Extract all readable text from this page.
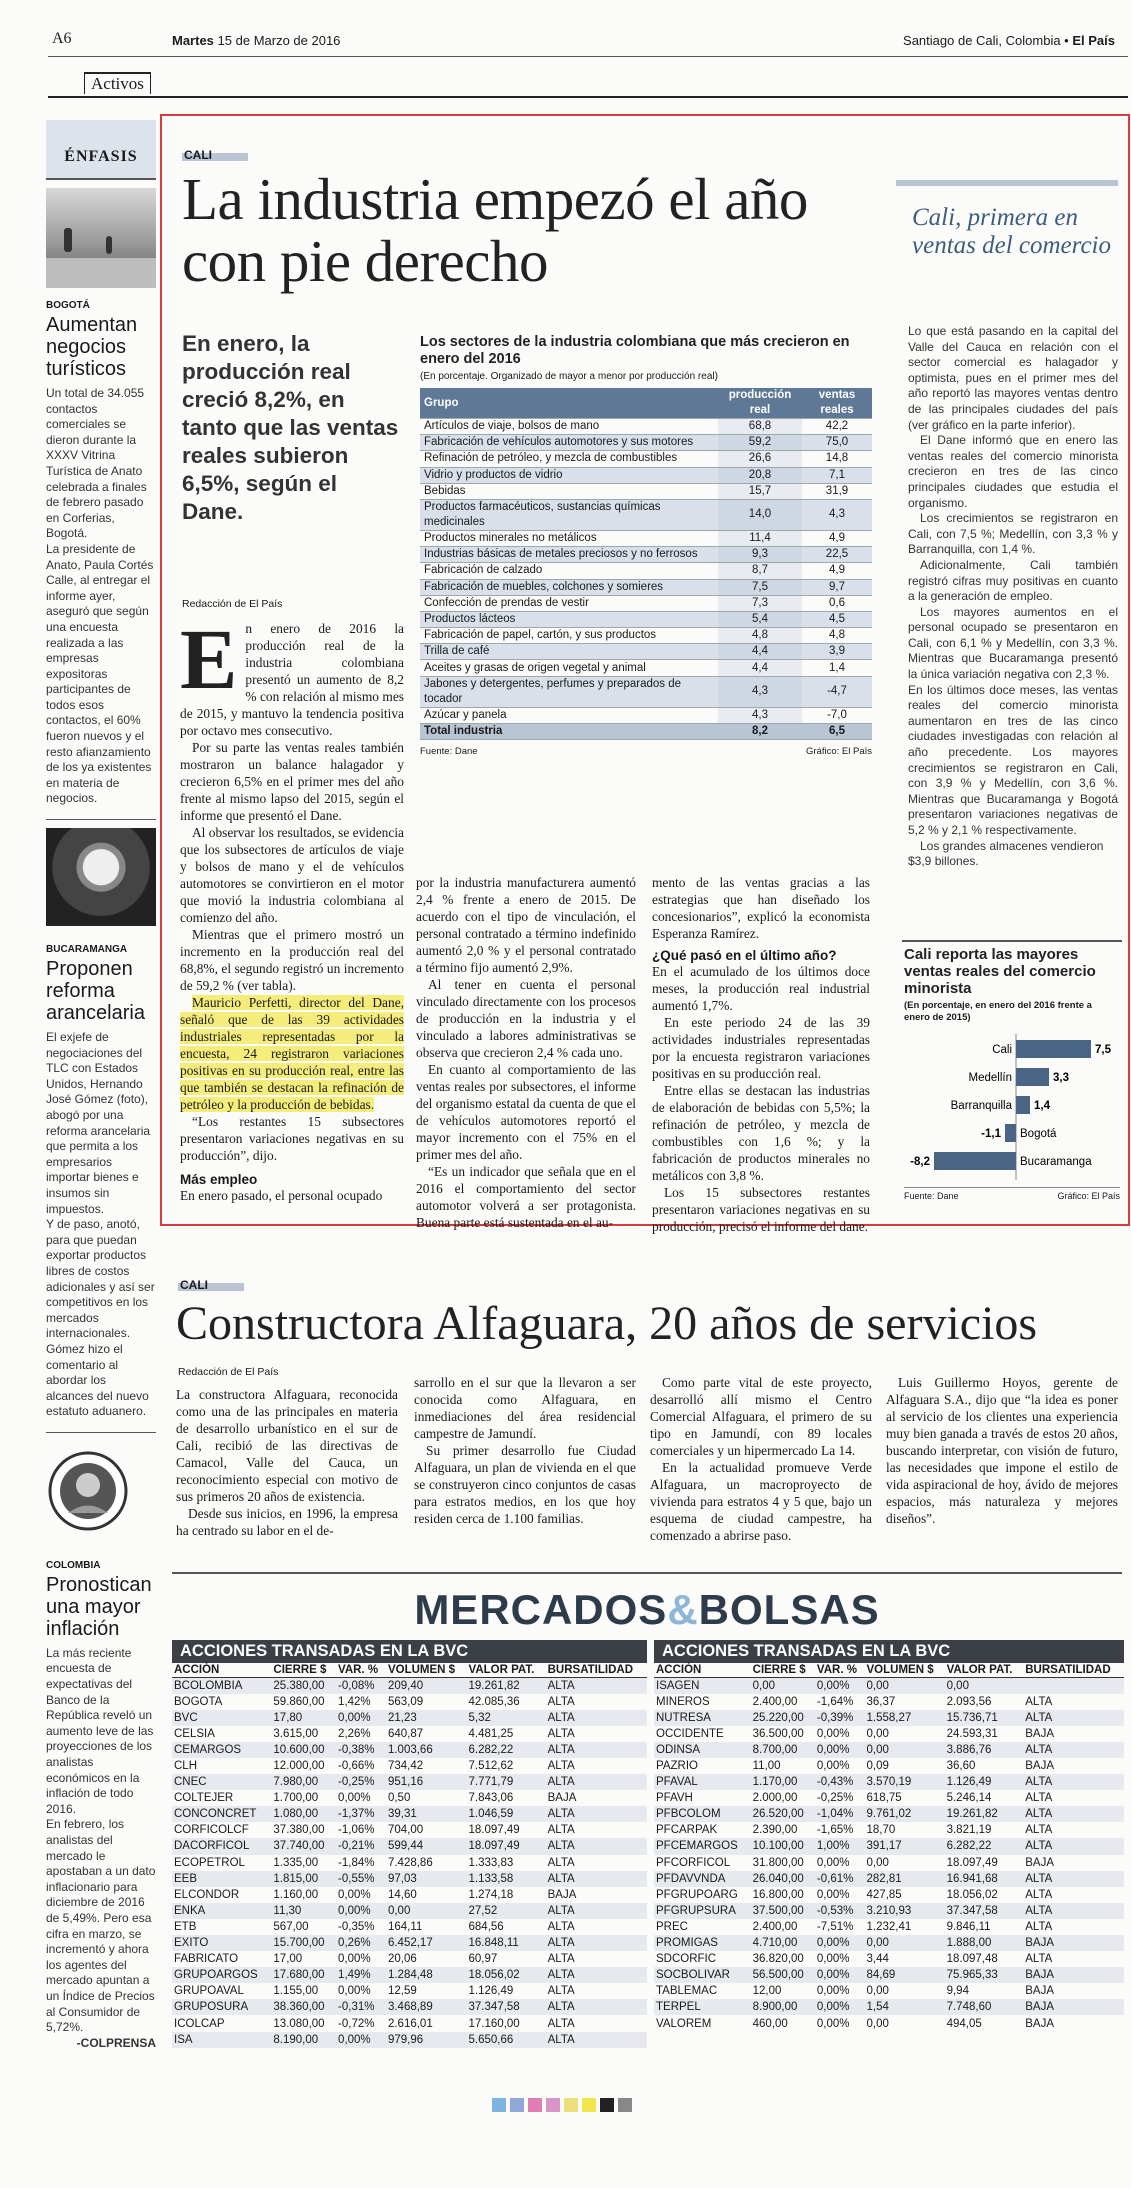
A6	Martes 15 de Marzo de 2016	Santiago de Cali, Colombia • El País
Activos
ÉNFASIS
BOGOTÁ
Aumentan negocios turísticos

Un total de 34.055 contactos comerciales se dieron durante la XXXV Vitrina Turística de Anato celebrada a finales de febrero pasado en Corferias, Bogotá.
La presidente de Anato, Paula Cortés Calle, al entregar el informe ayer, aseguró que según una encuesta realizada a las empresas expositoras participantes de todos esos contactos, el 60% fueron nuevos y el resto afianzamiento de los ya existentes en materia de negocios.

BUCARAMANGA
Proponen reforma arancelaria

El exjefe de negociaciones del TLC con Estados Unidos, Hernando José Gómez (foto), abogó por una reforma arancelaria que permita a los empresarios importar bienes e insumos sin impuestos.
Y de paso, anotó, para que puedan exportar productos libres de costos adicionales y así ser competitivos en los mercados internacionales.
Gómez hizo el comentario al abordar los alcances del nuevo estatuto aduanero.

COLOMBIA
Pronostican una mayor inflación

La más reciente encuesta de expectativas del Banco de la República reveló un aumento leve de las proyecciones de los analistas económicos en la inflación de todo 2016.
En febrero, los analistas del mercado le apostaban a un dato inflacionario para diciembre de 2016 de 5,49%. Pero esa cifra en marzo, se incrementó y ahora los agentes del mercado apuntan a un Índice de Precios al Consumidor de 5,72%.

-COLPRENSA

CALI
La industria empezó el año con pie derecho
En enero, la producción real creció 8,2%, en tanto que las ventas reales subieron 6,5%, según el Dane.
Redacción de El País
E n enero de 2016 la producción real de la industria colombiana presentó un aumento de 8,2 % con relación al mismo mes de 2015, y mantuvo la tendencia positiva por octavo mes consecutivo.

Por su parte las ventas reales también mostraron un balance halagador y crecieron 6,5% en el primer mes del año frente al mismo lapso del 2015, según el informe que presentó el Dane.

Al observar los resultados, se evidencia que los subsectores de artículos de viaje y bolsos de mano y el de vehículos automotores se convirtieron en el motor que movió la industria colombiana al comienzo del año.

Mientras que el primero mostró un incremento en la producción real del 68,8%, el segundo registró un incremento de 59,2 % (ver tabla).

Mauricio Perfetti, director del Dane, señaló que de las 39 actividades industriales representadas por la encuesta, 24 registraron variaciones positivas en su producción real, entre las que también se destacan la refinación de petróleo y la producción de bebidas.

“Los restantes 15 subsectores presentaron variaciones negativas en su producción”, dijo.

Más empleo

En enero pasado, el personal ocupado

por la industria manufacturera aumentó 2,4 % frente a enero de 2015. De acuerdo con el tipo de vinculación, el personal contratado a término indefinido aumentó 2,0 % y el personal contratado a término fijo aumentó 2,9%.

Al tener en cuenta el personal vinculado directamente con los procesos de producción en la industria y el vinculado a labores administrativas se observa que crecieron 2,4 % cada uno.

En cuanto al comportamiento de las ventas reales por subsectores, el informe del organismo estatal da cuenta de que el de vehículos automotores reportó el mayor incremento con el 75% en el primer mes del año.

“Es un indicador que señala que en el 2016 el comportamiento del sector automotor volverá a ser protagonista. Buena parte está sustentada en el au-

mento de las ventas gracias a las estrategias que han diseñado los concesionarios”, explicó la economista Esperanza Ramírez.

¿Qué pasó en el último año?

En el acumulado de los últimos doce meses, la producción real industrial aumentó 1,7%.

En este periodo 24 de las 39 actividades industriales representadas por la encuesta registraron variaciones positivas en su producción real.

Entre ellas se destacan las industrias de elaboración de bebidas con 5,5%; la refinación de petróleo, y mezcla de combustibles con 1,6 %; y la fabricación de productos minerales no metálicos con 3,8 %.

Los 15 subsectores restantes presentaron variaciones negativas en su producción, precisó el informe del dane.

Los sectores de la industria colombiana que más crecieron en enero del 2016
(En porcentaje. Organizado de mayor a menor por producción real)
Grupo	producción real	ventas reales
Artículos de viaje, bolsos de mano	68,8	42,2
Fabricación de vehículos automotores y sus motores	59,2	75,0
Refinación de petróleo, y mezcla de combustibles	26,6	14,8
Vidrio y productos de vidrio	20,8	7,1
Bebidas	15,7	31,9
Productos farmacéuticos, sustancias químicas medicinales	14,0	4,3
Productos minerales no metálicos	11,4	4,9
Industrias básicas de metales preciosos y no ferrosos	9,3	22,5
Fabricación de calzado	8,7	4,9
Fabricación de muebles, colchones y somieres	7,5	9,7
Confección de prendas de vestir	7,3	0,6
Productos lácteos	5,4	4,5
Fabricación de papel, cartón, y sus productos	4,8	4,8
Trilla de café	4,4	3,9
Aceites y grasas de origen vegetal y animal	4,4	1,4
Jabones y detergentes, perfumes y preparados de tocador	4,3	-4,7
Azúcar y panela	4,3	-7,0
Total industria	8,2	6,5
Fuente: Dane	Gráfico: El País
Cali, primera en ventas del comercio

Lo que está pasando en la capital del Valle del Cauca en relación con el sector comercial es halagador y optimista, pues en el primer mes del año reportó las mayores ventas dentro de las principales ciudades del país (ver gráfico en la parte inferior).

El Dane informó que en enero las ventas reales del comercio minorista crecieron en tres de las cinco principales ciudades que estudia el organismo.

Los crecimientos se registraron en Cali, con 7,5 %; Medellín, con 3,3 % y Barranquilla, con 1,4 %.

Adicionalmente, Cali también registró cifras muy positivas en cuanto a la generación de empleo.

Los mayores aumentos en el personal ocupado se presentaron en Cali, con 6,1 % y Medellín, con 3,3 %. Mientras que Bucaramanga presentó la única variación negativa con 2,3 %.

En los últimos doce meses, las ventas reales del comercio minorista aumentaron en tres de las cinco ciudades investigadas con relación al año precedente. Los mayores crecimientos se registraron en Cali, con 3,9 % y Medellín, con 3,6 %. Mientras que Bucaramanga y Bogotá presentaron variaciones negativas de 5,2 % y 2,1 % respectivamente.

Los grandes almacenes vendieron $3,9 billones.

Cali reporta las mayores ventas reales del comercio minorista
(En porcentaje, en enero del 2016 frente a enero de 2015)
Cali	7,5
Medellín	3,3
Barranquilla 1,4
Bogotá
-1,1
Bucaramanga
-8,2
Fuente: Dane	Gráfico: El País
CALI
Constructora Alfaguara, 20 años de servicios
Redacción de El País

La constructora Alfaguara, reconocida como una de las principales en materia de desarrollo urbanístico en el sur de Cali, recibió de las directivas de Camacol, Valle del Cauca, un reconocimiento especial con motivo de sus primeros 20 años de existencia.

Desde sus inicios, en 1996, la empresa ha centrado su labor en el de-

sarrollo en el sur que la llevaron a ser conocida como Alfaguara, en inmediaciones del área residencial campestre de Jamundí.

Su primer desarrollo fue Ciudad Alfaguara, un plan de vivienda en el que se construyeron cinco conjuntos de casas para estratos medios, en los que hoy residen cerca de 1.100 familias.

Como parte vital de este proyecto, desarrolló allí mismo el Centro Comercial Alfaguara, el primero de su tipo en Jamundí, con 89 locales comerciales y un hipermercado La 14.

En la actualidad promueve Verde Alfaguara, un macroproyecto de vivienda para estratos 4 y 5 que, bajo un esquema de ciudad campestre, ha comenzado a abrirse paso.

Luis Guillermo Hoyos, gerente de Alfaguara S.A., dijo que “la idea es poner al servicio de los clientes una experiencia muy bien ganada a través de estos 20 años, buscando interpretar, con visión de futuro, las necesidades que impone el estilo de vida aspiracional de hoy, ávido de mejores espacios, más naturaleza y mejores diseños”.

MERCADOS&BOLSAS
ACCIONES TRANSADAS EN LA BVC
ACCIÓN	CIERRE $	VAR. %	VOLUMEN $	VALOR PAT.	BURSATILIDAD
BCOLOMBIA	25.380,00	-0,08%	209,40	19.261,82	ALTA
BOGOTA	59.860,00	1,42%	563,09	42.085,36	ALTA
BVC	17,80	0,00%	21,23	5,32	ALTA
CELSIA	3.615,00	2,26%	640,87	4.481,25	ALTA
CEMARGOS	10.600,00	-0,38%	1.003,66	6.282,22	ALTA
CLH	12.000,00	-0,66%	734,42	7.512,62	ALTA
CNEC	7.980,00	-0,25%	951,16	7.771,79	ALTA
COLTEJER	1.700,00	0,00%	0,50	7.843,06	BAJA
CONCONCRET	1.080,00	-1,37%	39,31	1.046,59	ALTA
CORFICOLCF	37.380,00	-1,06%	704,00	18.097,49	ALTA
DACORFICOL	37.740,00	-0,21%	599,44	18.097,49	ALTA
ECOPETROL	1.335,00	-1,84%	7.428,86	1.333,83	ALTA
EEB	1.815,00	-0,55%	97,03	1.133,58	ALTA
ELCONDOR	1.160,00	0,00%	14,60	1.274,18	BAJA
ENKA	11,30	0,00%	0,00	27,52	ALTA
ETB	567,00	-0,35%	164,11	684,56	ALTA
EXITO	15.700,00	0,26%	6.452,17	16.848,11	ALTA
FABRICATO	17,00	0,00%	20,06	60,97	ALTA
GRUPOARGOS	17.680,00	1,49%	1.284,48	18.056,02	ALTA
GRUPOAVAL	1.155,00	0,00%	12,59	1.126,49	ALTA
GRUPOSURA	38.360,00	-0,31%	3.468,89	37.347,58	ALTA
ICOLCAP	13.080,00	-0,72%	2.616,01	17.160,00	ALTA
ISA	8.190,00	0,00%	979,96	5.650,66	ALTA
ACCIONES TRANSADAS EN LA BVC
ACCIÓN	CIERRE $	VAR. %	VOLUMEN $	VALOR PAT.	BURSATILIDAD
ISAGEN	0,00	0,00%	0,00	0,00	
MINEROS	2.400,00	-1,64%	36,37	2.093,56	ALTA
NUTRESA	25.220,00	-0,39%	1.558,27	15.736,71	ALTA
OCCIDENTE	36.500,00	0,00%	0,00	24.593,31	BAJA
ODINSA	8.700,00	0,00%	0,00	3.886,76	ALTA
PAZRIO	11,00	0,00%	0,09	36,60	BAJA
PFAVAL	1.170,00	-0,43%	3.570,19	1.126,49	ALTA
PFAVH	2.000,00	-0,25%	618,75	5.246,14	ALTA
PFBCOLOM	26.520,00	-1,04%	9.761,02	19.261,82	ALTA
PFCARPAK	2.390,00	-1,65%	18,70	3.821,19	ALTA
PFCEMARGOS	10.100,00	1,00%	391,17	6.282,22	ALTA
PFCORFICOL	31.800,00	0,00%	0,00	18.097,49	BAJA
PFDAVVNDA	26.040,00	-0,61%	282,81	16.941,68	ALTA
PFGRUPOARG	16.800,00	0,00%	427,85	18.056,02	ALTA
PFGRUPSURA	37.500,00	-0,53%	3.210,93	37.347,58	ALTA
PREC	2.400,00	-7,51%	1.232,41	9.846,11	ALTA
PROMIGAS	4.710,00	0,00%	0,00	1.888,00	BAJA
SDCORFIC	36.820,00	0,00%	3,44	18.097,48	ALTA
SOCBOLIVAR	56.500,00	0,00%	84,69	75.965,33	BAJA
TABLEMAC	12,00	0,00%	0,00	9,94	BAJA
TERPEL	8.900,00	0,00%	1,54	7.748,60	BAJA
VALOREM	460,00	0,00%	0,00	494,05	BAJA
